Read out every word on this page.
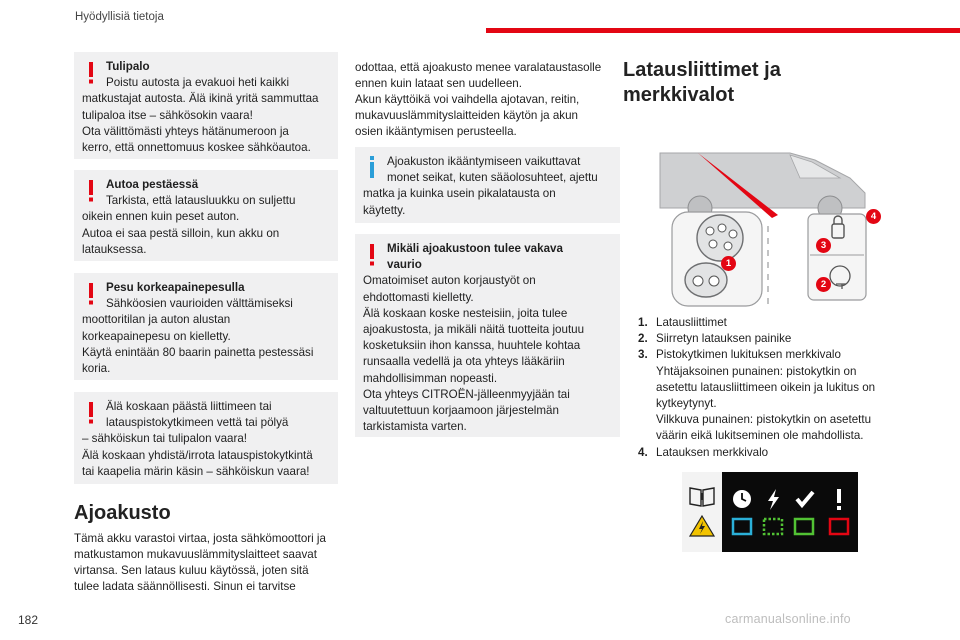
Hyödyllisiä tietoja
Tulipalo
Poistu autosta ja evakuoi heti kaikki
matkustajat autosta. Älä ikinä yritä sammuttaa
tulipaloa itse – sähkösokin vaara!
Ota välittömästi yhteys hätänumeroon ja
kerro, että onnettomuus koskee sähköautoa.
Autoa pestäessä
Tarkista, että latausluukku on suljettu
oikein ennen kuin peset auton.
Autoa ei saa pestä silloin, kun akku on
latauksessa.
Pesu korkeapainepesulla
Sähköosien vaurioiden välttämiseksi
moottoritilan ja auton alustan
korkeapainepesu on kielletty.
Käytä enintään 80 baarin painetta pestessäsi
koria.
Älä koskaan päästä liittimeen tai
latauspistokytkimeen vettä tai pölyä
– sähköiskun tai tulipalon vaara!
Älä koskaan yhdistä/irrota latauspistokytkintä
tai kaapelia märin käsin – sähköiskun vaara!
Ajoakusto

Tämä akku varastoi virtaa, josta sähkömoottori ja

matkustamon mukavuuslämmityslaitteet saavat

virtansa. Sen lataus kuluu käytössä, joten sitä

tulee ladata säännöllisesti. Sinun ei tarvitse

odottaa, että ajoakusto menee varalataustasolle

ennen kuin lataat sen uudelleen.

Akun käyttöikä voi vaihdella ajotavan, reitin,

mukavuuslämmityslaitteiden käytön ja akun

osien ikääntymisen perusteella.

Ajoakuston ikääntymiseen vaikuttavat
monet seikat, kuten sääolosuhteet, ajettu
matka ja kuinka usein pikalatausta on
käytetty.
Mikäli ajoakustoon tulee vakava
vaurio
Omatoimiset auton korjaustyöt on
ehdottomasti kielletty.
Älä koskaan koske nesteisiin, joita tulee
ajoakustosta, ja mikäli näitä tuotteita joutuu
kosketuksiin ihon kanssa, huuhtele kohtaa
runsaalla vedellä ja ota yhteys lääkäriin
mahdollisimman nopeasti.
Ota yhteys CITROËN-jälleenmyyjään tai
valtuutettuun korjaamoon järjestelmän
tarkistamista varten.
Latausliittimet ja
merkkivalot
1
2
3
4
1. Latausliittimet
2. Siirretyn latauksen painike
3. Pistokytkimen lukituksen merkkivalo
Yhtäjaksoinen punainen: pistokytkin on
asetettu latausliittimeen oikein ja lukitus on
kytkeytynyt.
Vilkkuva punainen: pistokytkin on asetettu
väärin eikä lukitseminen ole mahdollista.
4. Latauksen merkkivalo
182	carmanualsonline.info
